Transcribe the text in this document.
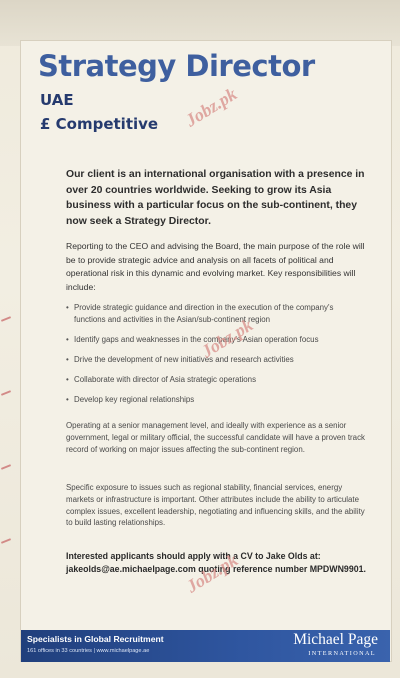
Strategy Director

UAE

£ Competitive

Our client is an international organisation with a presence in over 20 countries worldwide. Seeking to grow its Asia business with a particular focus on the sub-continent, they now seek a Strategy Director.

Reporting to the CEO and advising the Board, the main purpose of the role will be to provide strategic advice and analysis on all facets of political and operational risk in this dynamic and evolving market. Key responsibilities will include:

• Provide strategic guidance and direction in the execution of the company's functions and activities in the Asian/sub-continent region
• Identify gaps and weaknesses in the company's Asian operation focus
• Drive the development of new initiatives and research activities
• Collaborate with director of Asia strategic operations
• Develop key regional relationships

Operating at a senior management level, and ideally with experience as a senior government, legal or military official, the successful candidate will have a proven track record of working on major issues affecting the sub-continent region.

Specific exposure to issues such as regional stability, financial services, energy markets or infrastructure is important. Other attributes include the ability to articulate complex issues, excellent leadership, negotiating and influencing skills, and the ability to build lasting relationships.

Interested applicants should apply with a CV to Jake Olds at: jakeolds@ae.michaelpage.com quoting reference number MPDWN9901.

Jobz.pk
Jobz.pk
Jobz.pk

Specialists in Global Recruitment

161 offices in 33 countries | www.michaelpage.ae

Michael Page

INTERNATIONAL
